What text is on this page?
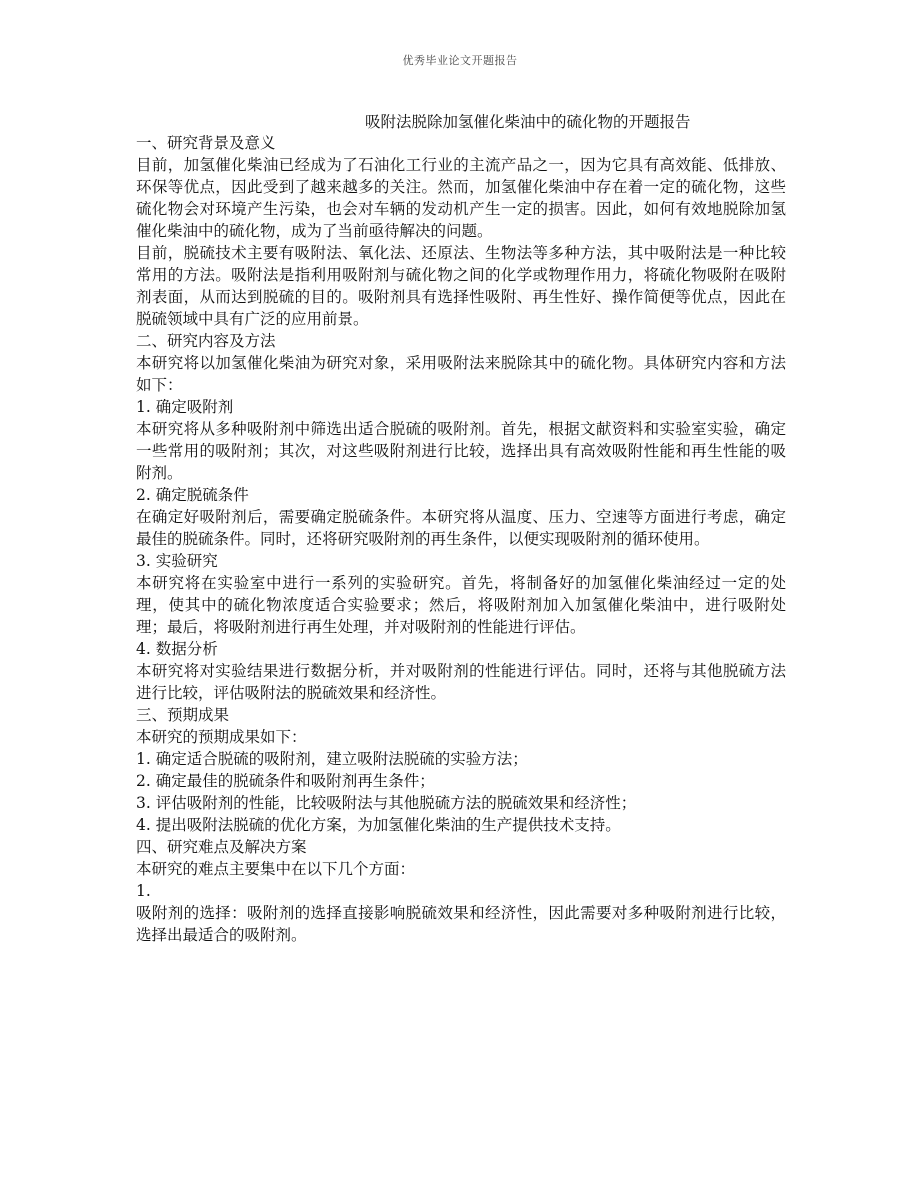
优秀毕业论文开题报告
吸附法脱除加氢催化柴油中的硫化物的开题报告

一、研究背景及意义

目前，加氢催化柴油已经成为了石油化工行业的主流产品之一，因为它具有高效能、低排放、环保等优点，因此受到了越来越多的关注。然而，加氢催化柴油中存在着一定的硫化物，这些硫化物会对环境产生污染，也会对车辆的发动机产生一定的损害。因此，如何有效地脱除加氢催化柴油中的硫化物，成为了当前亟待解决的问题。

目前，脱硫技术主要有吸附法、氧化法、还原法、生物法等多种方法，其中吸附法是一种比较常用的方法。吸附法是指利用吸附剂与硫化物之间的化学或物理作用力，将硫化物吸附在吸附剂表面，从而达到脱硫的目的。吸附剂具有选择性吸附、再生性好、操作简便等优点，因此在脱硫领域中具有广泛的应用前景。

二、研究内容及方法

本研究将以加氢催化柴油为研究对象，采用吸附法来脱除其中的硫化物。具体研究内容和方法如下：

1. 确定吸附剂

本研究将从多种吸附剂中筛选出适合脱硫的吸附剂。首先，根据文献资料和实验室实验，确定一些常用的吸附剂；其次，对这些吸附剂进行比较，选择出具有高效吸附性能和再生性能的吸附剂。

2. 确定脱硫条件

在确定好吸附剂后，需要确定脱硫条件。本研究将从温度、压力、空速等方面进行考虑，确定最佳的脱硫条件。同时，还将研究吸附剂的再生条件，以便实现吸附剂的循环使用。

3. 实验研究

本研究将在实验室中进行一系列的实验研究。首先，将制备好的加氢催化柴油经过一定的处理，使其中的硫化物浓度适合实验要求；然后，将吸附剂加入加氢催化柴油中，进行吸附处理；最后，将吸附剂进行再生处理，并对吸附剂的性能进行评估。

4. 数据分析

本研究将对实验结果进行数据分析，并对吸附剂的性能进行评估。同时，还将与其他脱硫方法进行比较，评估吸附法的脱硫效果和经济性。

三、预期成果

本研究的预期成果如下：

1. 确定适合脱硫的吸附剂，建立吸附法脱硫的实验方法；

2. 确定最佳的脱硫条件和吸附剂再生条件；

3. 评估吸附剂的性能，比较吸附法与其他脱硫方法的脱硫效果和经济性；

4. 提出吸附法脱硫的优化方案，为加氢催化柴油的生产提供技术支持。

四、研究难点及解决方案

本研究的难点主要集中在以下几个方面：

1.

吸附剂的选择：吸附剂的选择直接影响脱硫效果和经济性，因此需要对多种吸附剂进行比较，选择出最适合的吸附剂。
